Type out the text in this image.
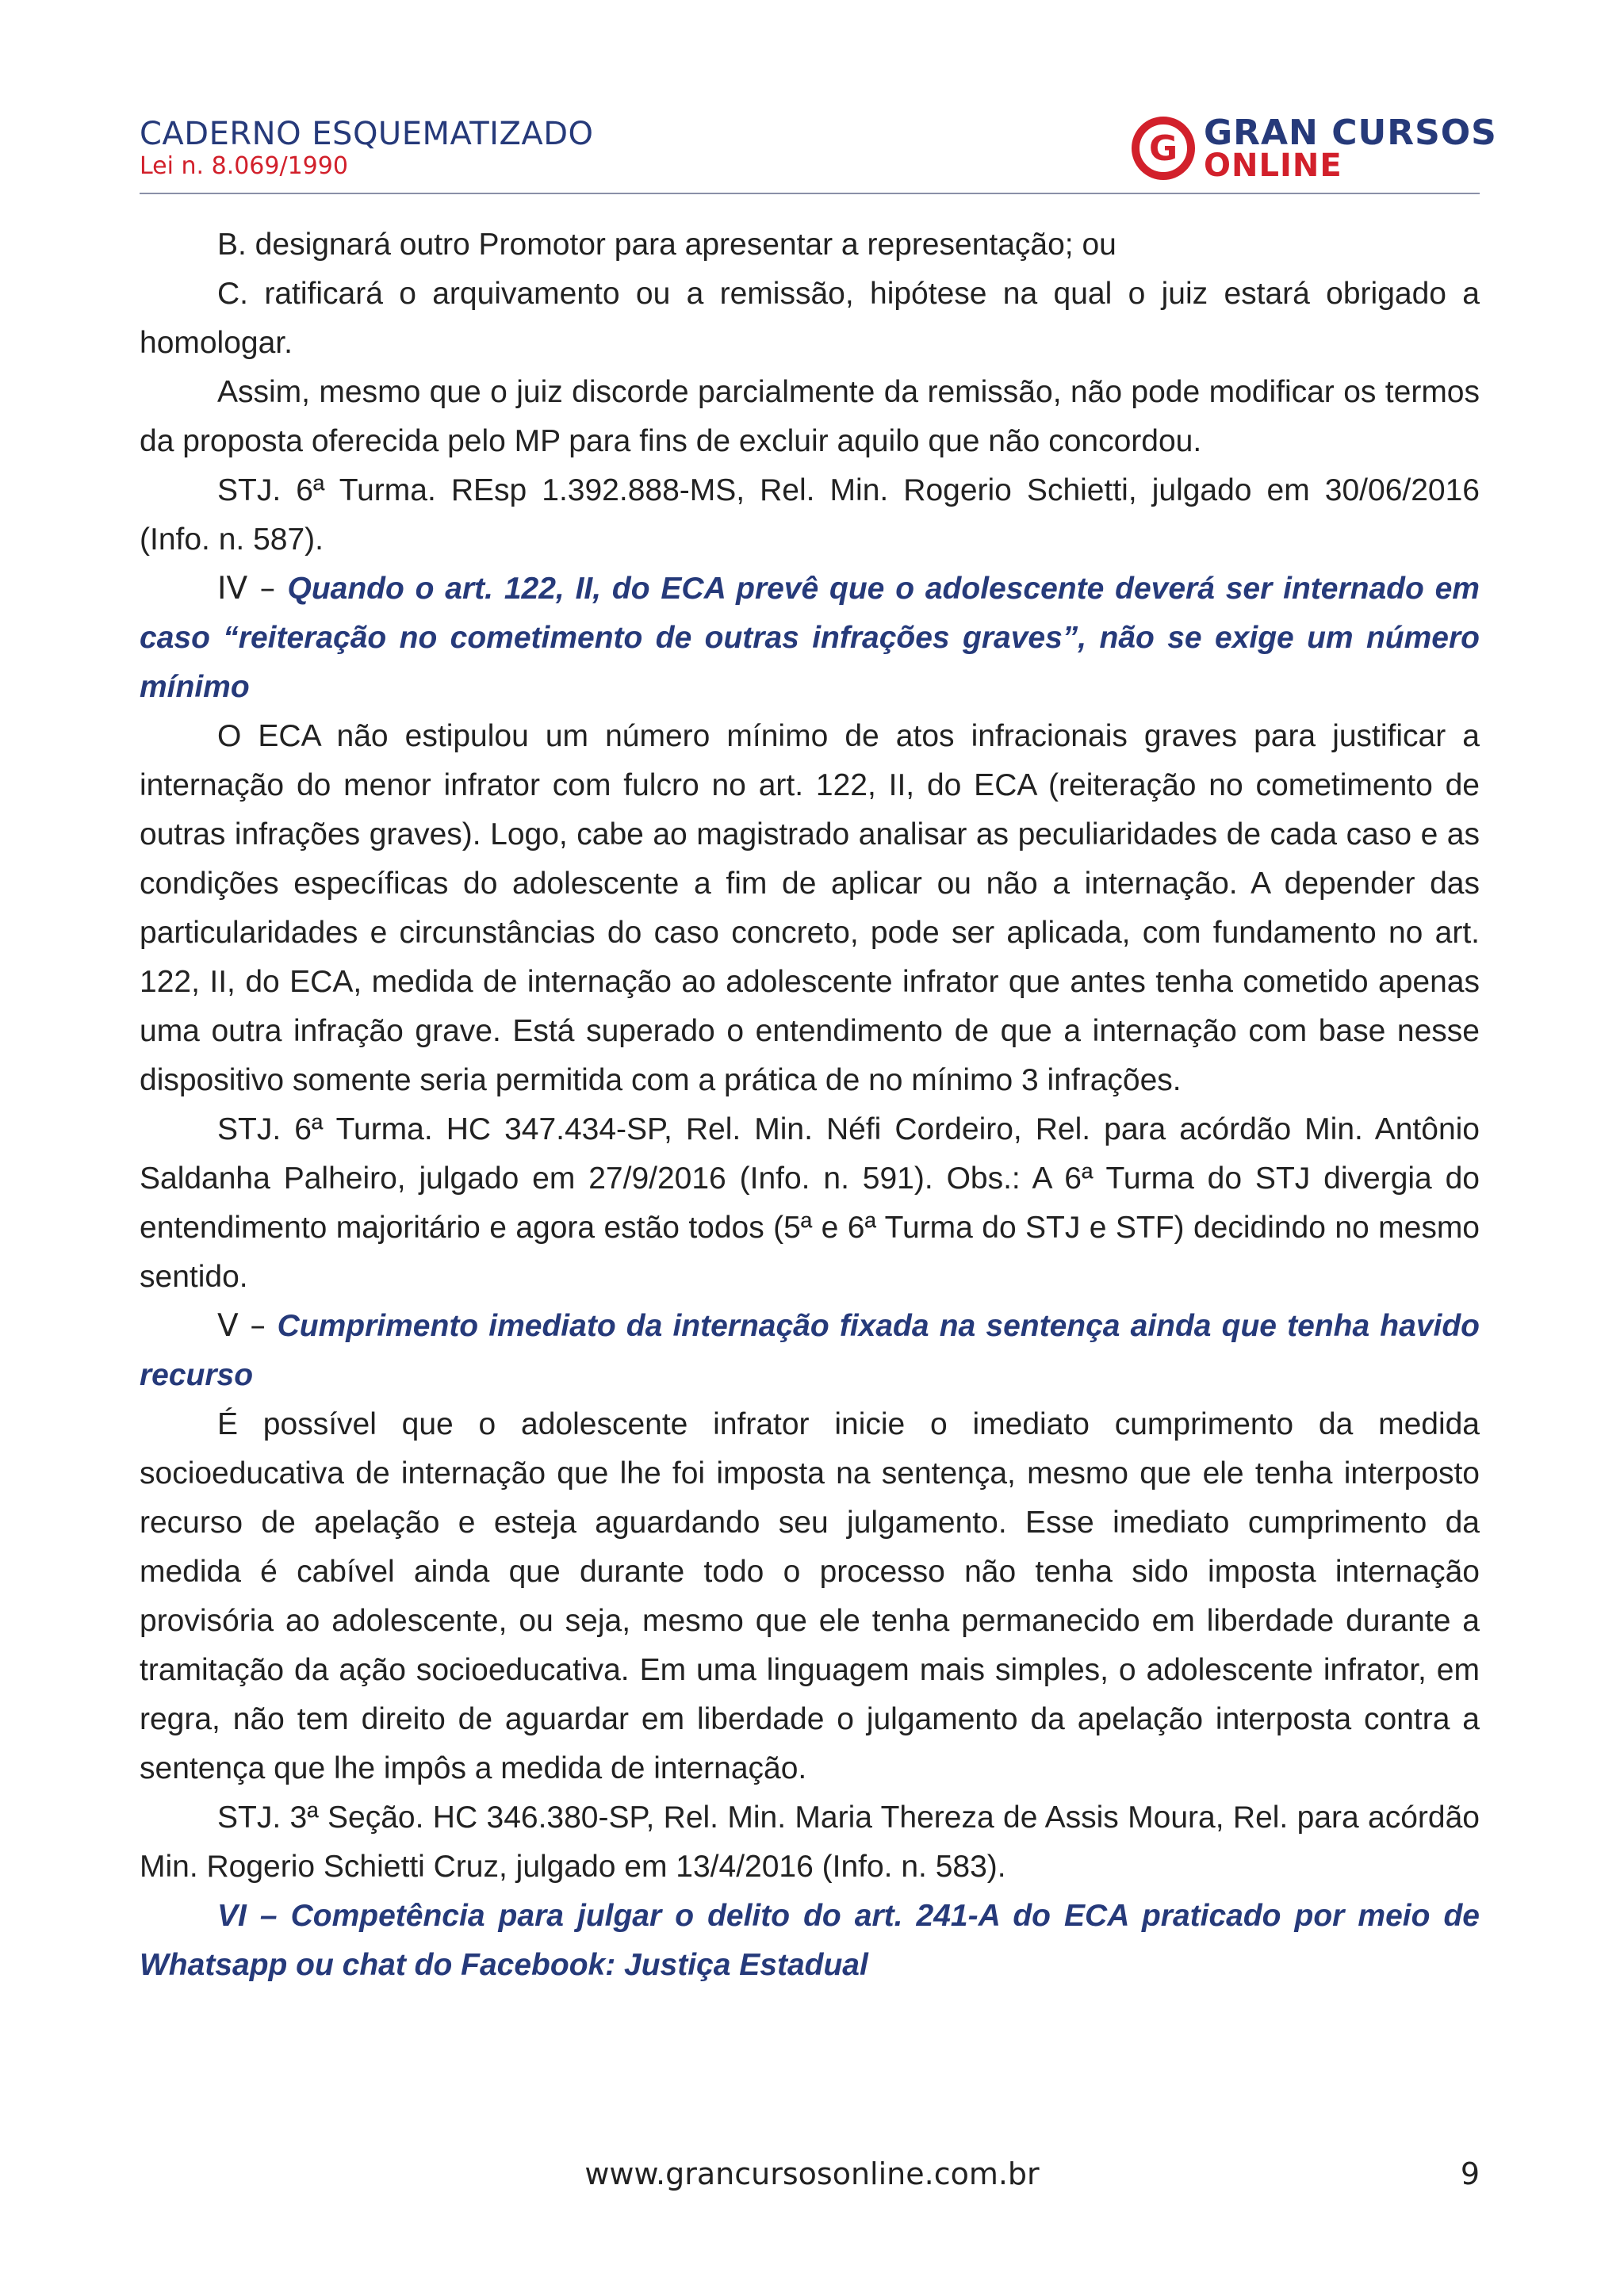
CADERNO ESQUEMATIZADO
Lei n. 8.069/1990	G GRAN CURSOS
ONLINE

B. designará outro Promotor para apresentar a representação; ou

C. ratificará o arquivamento ou a remissão, hipótese na qual o juiz estará obrigado a homologar.

Assim, mesmo que o juiz discorde parcialmente da remissão, não pode modificar os termos da proposta oferecida pelo MP para fins de excluir aquilo que não concordou.

STJ. 6ª Turma. REsp 1.392.888-MS, Rel. Min. Rogerio Schietti, julgado em 30/06/2016 (Info. n. 587).

IV – Quando o art. 122, II, do ECA prevê que o adolescente deverá ser internado em caso “reiteração no cometimento de outras infrações graves”, não se exige um número mínimo

O ECA não estipulou um número mínimo de atos infracionais graves para justificar a internação do menor infrator com fulcro no art. 122, II, do ECA (reiteração no cometimento de outras infrações graves). Logo, cabe ao magistrado analisar as peculiaridades de cada caso e as condições específicas do adolescente a fim de aplicar ou não a internação. A depender das particularidades e circunstâncias do caso concreto, pode ser aplicada, com fundamento no art. 122, II, do ECA, medida de internação ao adolescente infrator que antes tenha cometido apenas uma outra infração grave. Está superado o entendimento de que a internação com base nesse dispositivo somente seria permitida com a prática de no mínimo 3 infrações.

STJ. 6ª Turma. HC 347.434-SP, Rel. Min. Néfi Cordeiro, Rel. para acórdão Min. Antônio Saldanha Palheiro, julgado em 27/9/2016 (Info. n. 591). Obs.: A 6ª Turma do STJ divergia do entendimento majoritário e agora estão todos (5ª e 6ª Turma do STJ e STF) decidindo no mesmo sentido.

V – Cumprimento imediato da internação fixada na sentença ainda que tenha havido recurso

É possível que o adolescente infrator inicie o imediato cumprimento da medida socioeducativa de internação que lhe foi imposta na sentença, mesmo que ele tenha interposto recurso de apelação e esteja aguardando seu julgamento. Esse imediato cumprimento da medida é cabível ainda que durante todo o processo não tenha sido imposta internação provisória ao adolescente, ou seja, mesmo que ele tenha permanecido em liberdade durante a tramitação da ação socioeducativa. Em uma linguagem mais simples, o adolescente infrator, em regra, não tem direito de aguardar em liberdade o julgamento da apelação interposta contra a sentença que lhe impôs a medida de internação.

STJ. 3ª Seção. HC 346.380-SP, Rel. Min. Maria Thereza de Assis Moura, Rel. para acórdão Min. Rogerio Schietti Cruz, julgado em 13/4/2016 (Info. n. 583).

VI – Competência para julgar o delito do art. 241-A do ECA praticado por meio de Whatsapp ou chat do Facebook: Justiça Estadual

www.grancursosonline.com.br	9
